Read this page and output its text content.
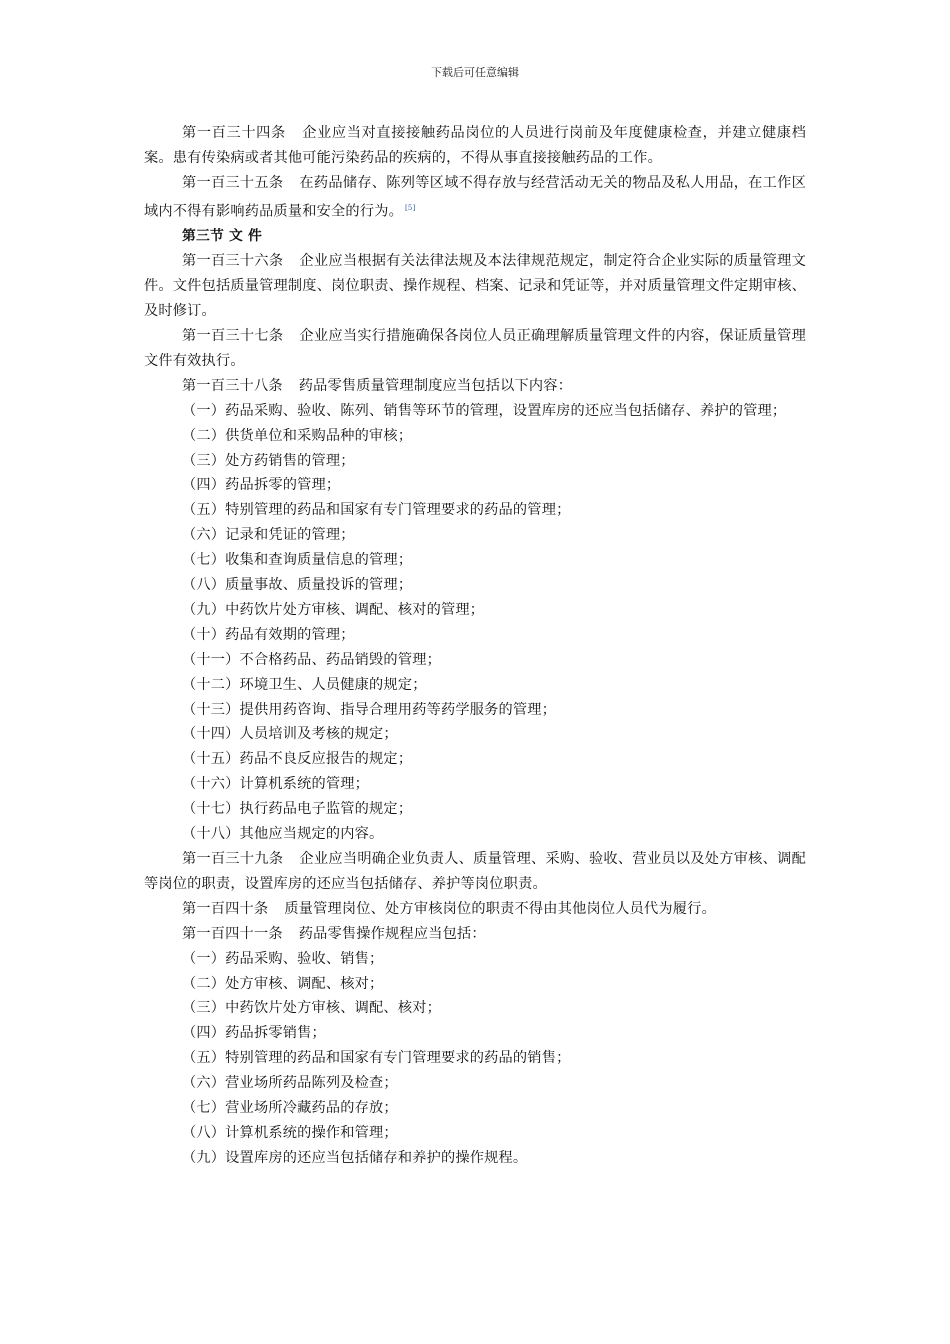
下载后可任意编辑

第一百三十四条 企业应当对直接接触药品岗位的人员进行岗前及年度健康检查，并建立健康档案。患有传染病或者其他可能污染药品的疾病的，不得从事直接接触药品的工作。

第一百三十五条 在药品储存、陈列等区域不得存放与经营活动无关的物品及私人用品，在工作区域内不得有影响药品质量和安全的行为。 [5]

第三节 文 件

第一百三十六条 企业应当根据有关法律法规及本法律规范规定，制定符合企业实际的质量管理文件。文件包括质量管理制度、岗位职责、操作规程、档案、记录和凭证等，并对质量管理文件定期审核、及时修订。

第一百三十七条 企业应当实行措施确保各岗位人员正确理解质量管理文件的内容，保证质量管理文件有效执行。

第一百三十八条 药品零售质量管理制度应当包括以下内容：

（一）药品采购、验收、陈列、销售等环节的管理，设置库房的还应当包括储存、养护的管理；

（二）供货单位和采购品种的审核；

（三）处方药销售的管理；

（四）药品拆零的管理；

（五）特别管理的药品和国家有专门管理要求的药品的管理；

（六）记录和凭证的管理；

（七）收集和查询质量信息的管理；

（八）质量事故、质量投诉的管理；

（九）中药饮片处方审核、调配、核对的管理；

（十）药品有效期的管理；

（十一）不合格药品、药品销毁的管理；

（十二）环境卫生、人员健康的规定；

（十三）提供用药咨询、指导合理用药等药学服务的管理；

（十四）人员培训及考核的规定；

（十五）药品不良反应报告的规定；

（十六）计算机系统的管理；

（十七）执行药品电子监管的规定；

（十八）其他应当规定的内容。

第一百三十九条 企业应当明确企业负责人、质量管理、采购、验收、营业员以及处方审核、调配等岗位的职责，设置库房的还应当包括储存、养护等岗位职责。

第一百四十条 质量管理岗位、处方审核岗位的职责不得由其他岗位人员代为履行。

第一百四十一条 药品零售操作规程应当包括：

（一）药品采购、验收、销售；

（二）处方审核、调配、核对；

（三）中药饮片处方审核、调配、核对；

（四）药品拆零销售；

（五）特别管理的药品和国家有专门管理要求的药品的销售；

（六）营业场所药品陈列及检查；

（七）营业场所冷藏药品的存放；

（八）计算机系统的操作和管理；

（九）设置库房的还应当包括储存和养护的操作规程。
